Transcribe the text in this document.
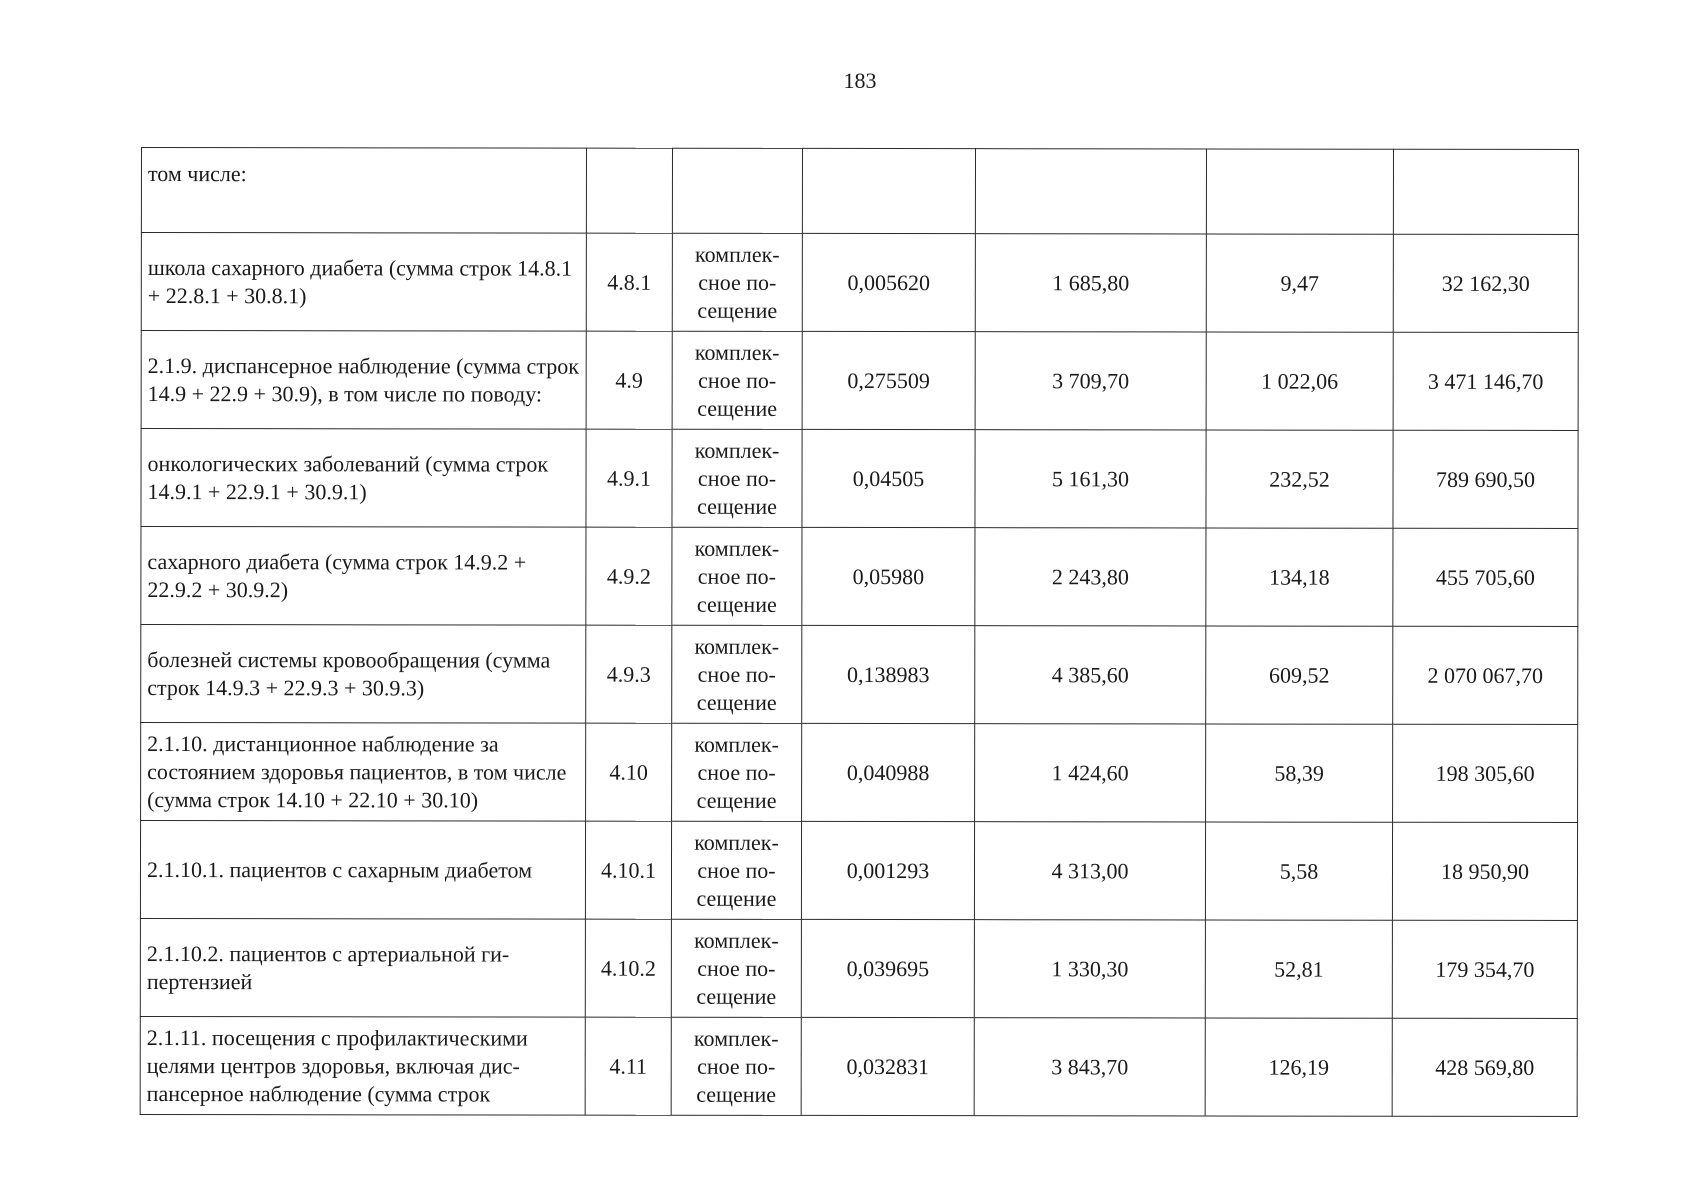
183
том числе:						
школа сахарного диабета (сумма строк 14.8.1 + 22.8.1 + 30.8.1)	4.8.1	комплек-сное по-сещение	0,005620	1 685,80	9,47	32 162,30
2.1.9. диспансерное наблюдение (сумма строк 14.9 + 22.9 + 30.9), в том числе по поводу:	4.9	комплек-сное по-сещение	0,275509	3 709,70	1 022,06	3 471 146,70
онкологических заболеваний (сумма строк 14.9.1 + 22.9.1 + 30.9.1)	4.9.1	комплек-сное по-сещение	0,04505	5 161,30	232,52	789 690,50
сахарного диабета (сумма строк 14.9.2 + 22.9.2 + 30.9.2)	4.9.2	комплек-сное по-сещение	0,05980	2 243,80	134,18	455 705,60
болезней системы кровообращения (сумма строк 14.9.3 + 22.9.3 + 30.9.3)	4.9.3	комплек-сное по-сещение	0,138983	4 385,60	609,52	2 070 067,70
2.1.10. дистанционное наблюдение за состоянием здоровья пациентов, в том числе (сумма строк 14.10 + 22.10 + 30.10)	4.10	комплек-сное по-сещение	0,040988	1 424,60	58,39	198 305,60
2.1.10.1. пациентов с сахарным диабетом	4.10.1	комплек-сное по-сещение	0,001293	4 313,00	5,58	18 950,90
2.1.10.2. пациентов с артериальной ги-пертензией	4.10.2	комплек-сное по-сещение	0,039695	1 330,30	52,81	179 354,70
2.1.11. посещения с профилактическими целями центров здоровья, включая дис-пансерное наблюдение (сумма строк	4.11	комплек-сное по-сещение	0,032831	3 843,70	126,19	428 569,80
